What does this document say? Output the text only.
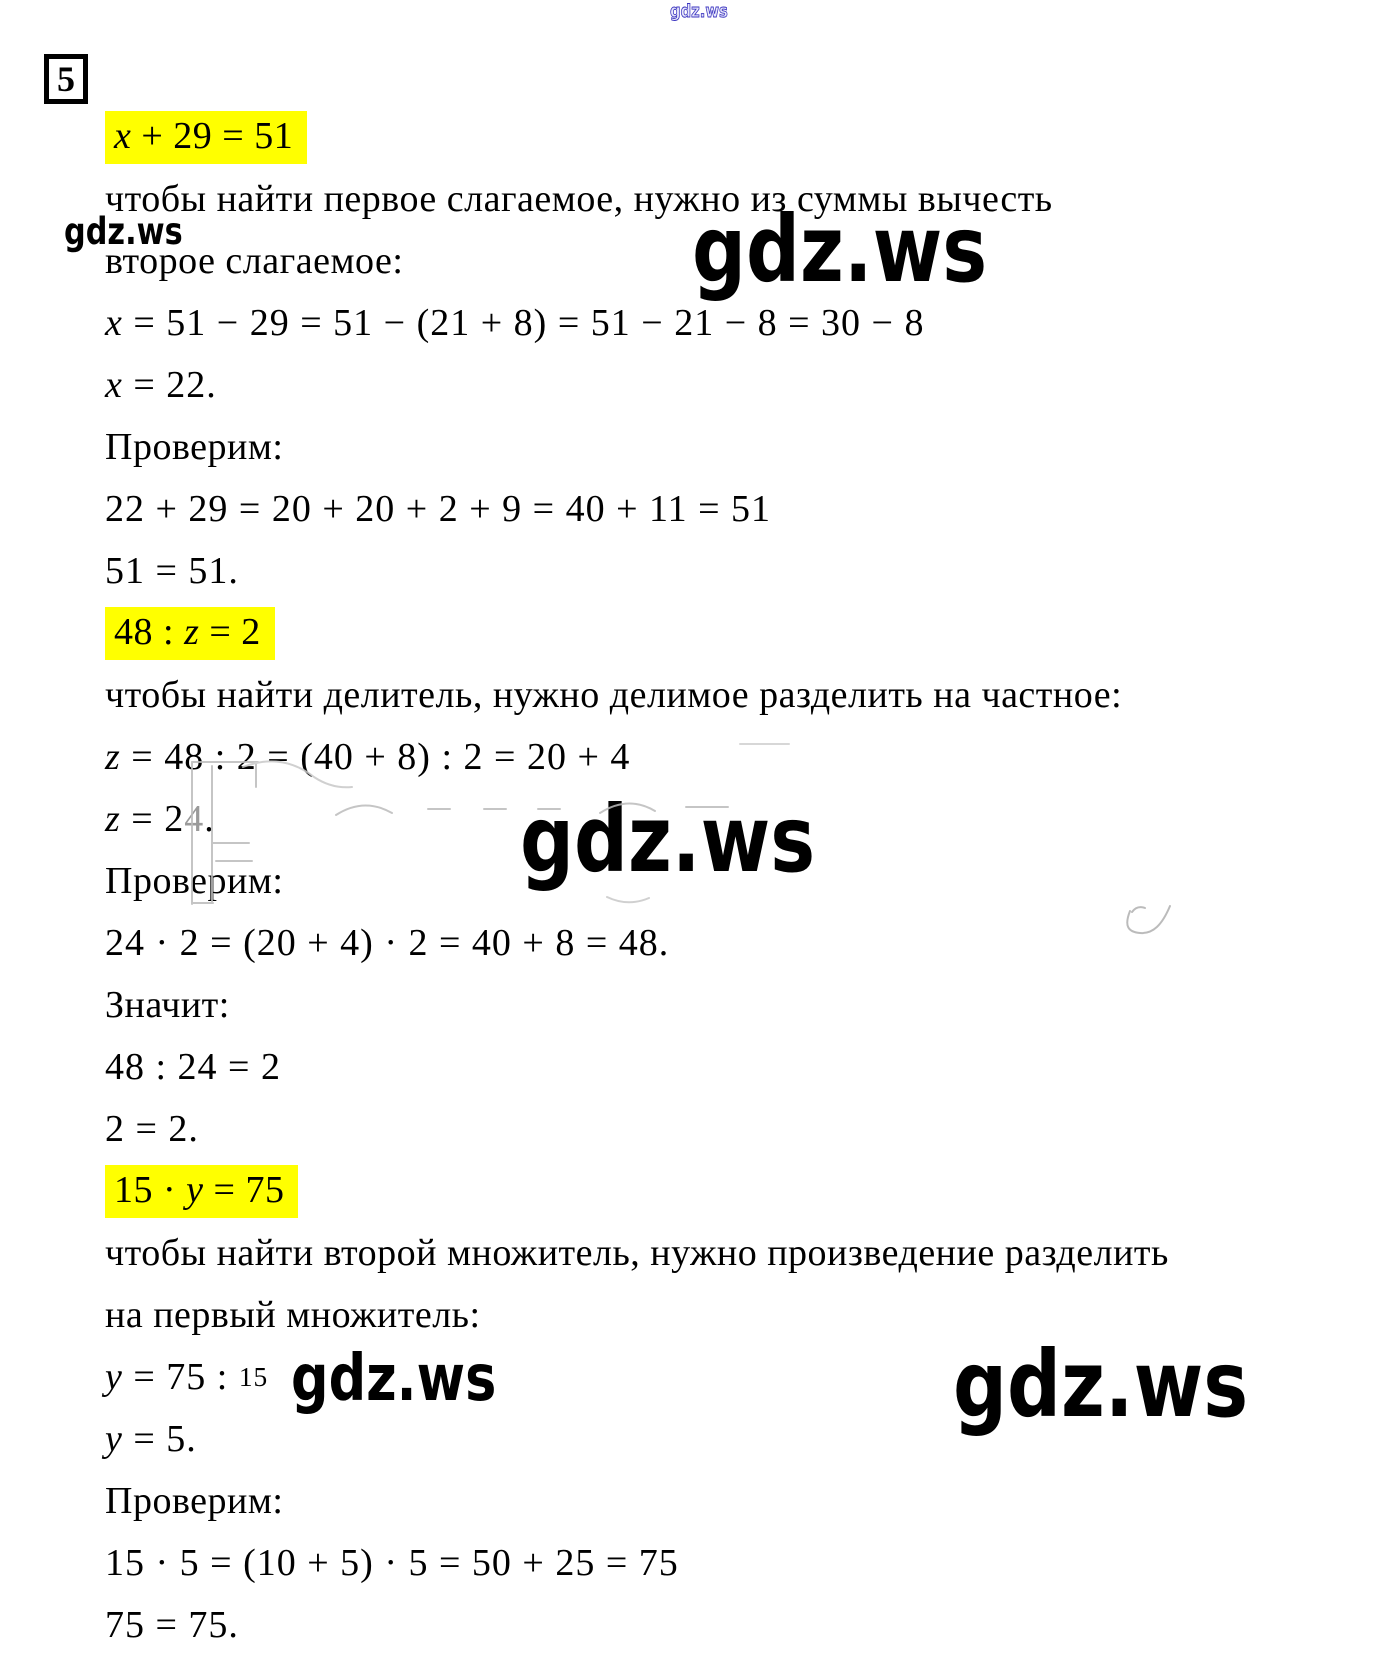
gdz.ws
5
gdz.ws	gdz.ws
gdz.ws
gdz.ws	gdz.ws
x + 29 = 51
чтобы найти первое слагаемое, нужно из суммы вычесть
второе слагаемое:
x = 51 − 29 = 51 − (21 + 8) = 51 − 21 − 8 = 30 − 8
x = 22.
Проверим:
22 + 29 = 20 + 20 + 2 + 9 = 40 + 11 = 51
51 = 51.
48 : z = 2
чтобы найти делитель, нужно делимое разделить на частное:
z = 48 : 2 = (40 + 8) : 2 = 20 + 4
z = 2 4 .
Проверим:
24 · 2 = (20 + 4) · 2 = 40 + 8 = 48.
Значит:
48 : 24 = 2
2 = 2.
15 · y = 75
чтобы найти второй множитель, нужно произведение разделить
на первый множитель:
y = 75 : 15
y = 5.
Проверим:
15 · 5 = (10 + 5) · 5 = 50 + 25 = 75
75 = 75.
